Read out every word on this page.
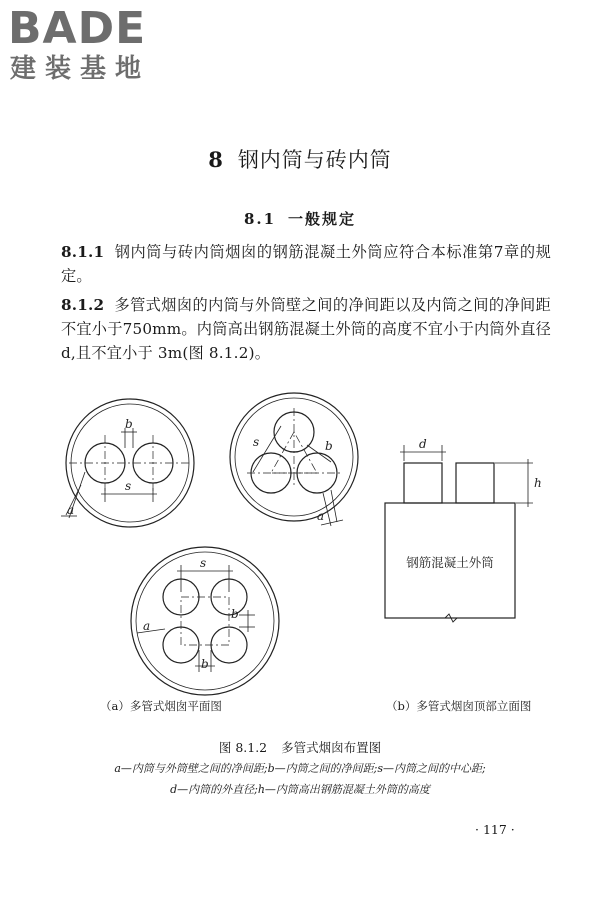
BADE
建装基地
8 钢内筒与砖内筒
8.1 一般规定
8.1.1 钢内筒与砖内筒烟囱的钢筋混凝土外筒应符合本标准第7章的规定。
8.1.2 多管式烟囱的内筒与外筒壁之间的净间距以及内筒之间的净间距不宜小于750mm。内筒高出钢筋混凝土外筒的高度不宜小于内筒外直径 d,且不宜小于 3m(图 8.1.2)。
b
s
a
s	b
a
s
b
b
a
d
h
钢筋混凝土外筒
（a）多管式烟囱平面图	（b）多管式烟囱顶部立面图
图 8.1.2 多管式烟囱布置图
a—内筒与外筒壁之间的净间距;b—内筒之间的净间距;s—内筒之间的中心距;
d—内筒的外直径;h—内筒高出钢筋混凝土外筒的高度
· 117 ·
